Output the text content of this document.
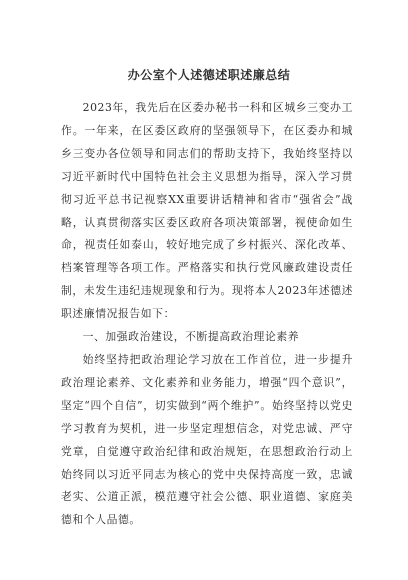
办公室个人述德述职述廉总结

2023年，我先后在区委办秘书一科和区城乡三变办工作。一年来，在区委区政府的坚强领导下，在区委办和城乡三变办各位领导和同志们的帮助支持下，我始终坚持以习近平新时代中国特色社会主义思想为指导，深入学习贯彻习近平总书记视察XX重要讲话精神和省市“强省会”战略，认真贯彻落实区委区政府各项决策部署，视使命如生命，视责任如泰山，较好地完成了乡村振兴、深化改革、档案管理等各项工作。严格落实和执行党风廉政建设责任制，未发生违纪违规现象和行为。现将本人2023年述德述职述廉情况报告如下：

一、加强政治建设，不断提高政治理论素养

始终坚持把政治理论学习放在工作首位，进一步提升政治理论素养、文化素养和业务能力，增强“四个意识”，坚定“四个自信”，切实做到“两个维护”。始终坚持以党史学习教育为契机，进一步坚定理想信念，对党忠诚、严守党章，自觉遵守政治纪律和政治规矩，在思想政治行动上始终同以习近平同志为核心的党中央保持高度一致，忠诚老实、公道正派，模范遵守社会公德、职业道德、家庭美德和个人品德。
